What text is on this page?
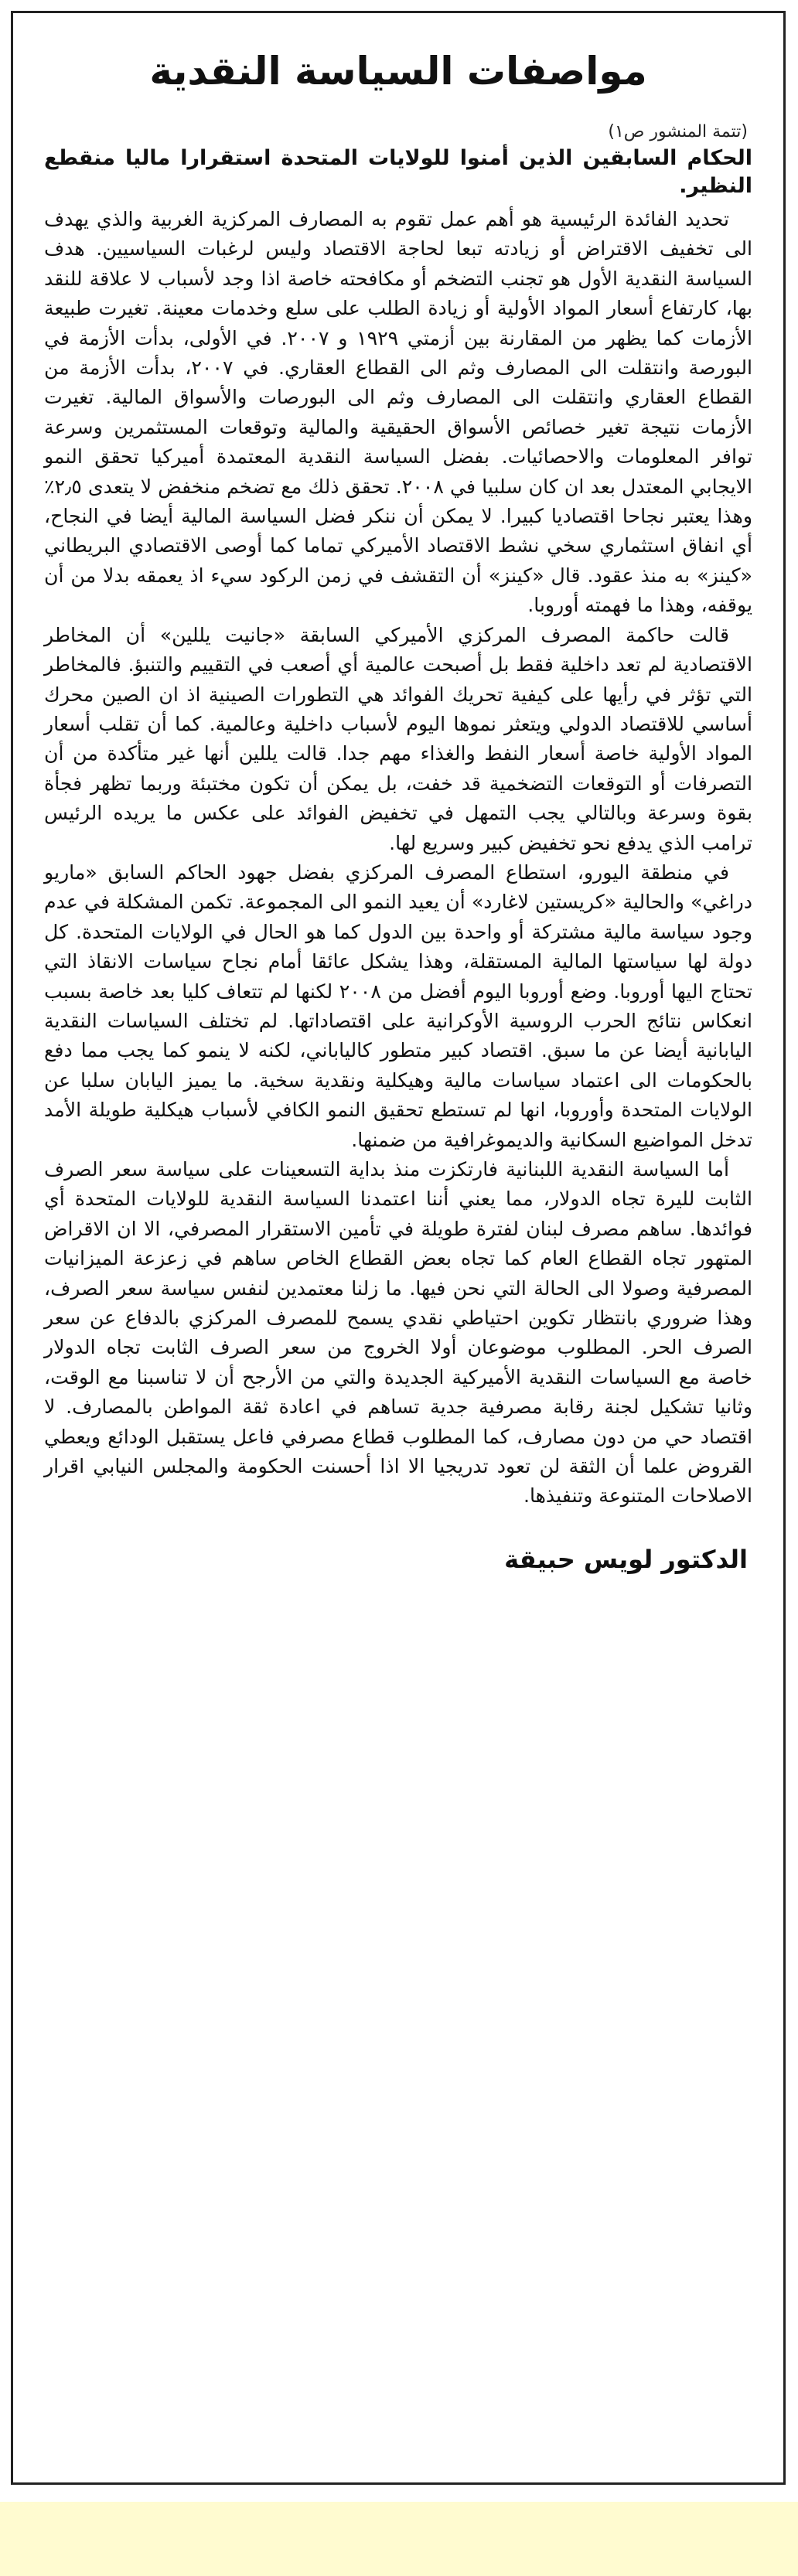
مواصفات السياسة النقدية
(تتمة المنشور ص١)

الحكام السابقين الذين أمنوا للولايات المتحدة استقرارا ماليا منقطع النظير.

تحديد الفائدة الرئيسية هو أهم عمل تقوم به المصارف المركزية الغربية والذي يهدف الى تخفيف الاقتراض أو زيادته تبعا لحاجة الاقتصاد وليس لرغبات السياسيين. هدف السياسة النقدية الأول هو تجنب التضخم أو مكافحته خاصة اذا وجد لأسباب لا علاقة للنقد بها، كارتفاع أسعار المواد الأولية أو زيادة الطلب على سلع وخدمات معينة. تغيرت طبيعة الأزمات كما يظهر من المقارنة بين أزمتي ١٩٢٩ و ٢٠٠٧. في الأولى، بدأت الأزمة في البورصة وانتقلت الى المصارف وثم الى القطاع العقاري. في ٢٠٠٧، بدأت الأزمة من القطاع العقاري وانتقلت الى المصارف وثم الى البورصات والأسواق المالية. تغيرت الأزمات نتيجة تغير خصائص الأسواق الحقيقية والمالية وتوقعات المستثمرين وسرعة توافر المعلومات والاحصائيات. بفضل السياسة النقدية المعتمدة أميركيا تحقق النمو الايجابي المعتدل بعد ان كان سلبيا في ٢٠٠٨. تحقق ذلك مع تضخم منخفض لا يتعدى ٢٫٥٪ وهذا يعتبر نجاحا اقتصاديا كبيرا. لا يمكن أن ننكر فضل السياسة المالية أيضا في النجاح، أي انفاق استثماري سخي نشط الاقتصاد الأميركي تماما كما أوصى الاقتصادي البريطاني «كينز» به منذ عقود. قال «كينز» أن التقشف في زمن الركود سيء اذ يعمقه بدلا من أن يوقفه، وهذا ما فهمته أوروبا.

قالت حاكمة المصرف المركزي الأميركي السابقة «جانيت يللين» أن المخاطر الاقتصادية لم تعد داخلية فقط بل أصبحت عالمية أي أصعب في التقييم والتنبؤ. فالمخاطر التي تؤثر في رأيها على كيفية تحريك الفوائد هي التطورات الصينية اذ ان الصين محرك أساسي للاقتصاد الدولي ويتعثر نموها اليوم لأسباب داخلية وعالمية. كما أن تقلب أسعار المواد الأولية خاصة أسعار النفط والغذاء مهم جدا. قالت يللين أنها غير متأكدة من أن التصرفات أو التوقعات التضخمية قد خفت، بل يمكن أن تكون مختبئة وربما تظهر فجأة بقوة وسرعة وبالتالي يجب التمهل في تخفيض الفوائد على عكس ما يريده الرئيس ترامب الذي يدفع نحو تخفيض كبير وسريع لها.

في منطقة اليورو، استطاع المصرف المركزي بفضل جهود الحاكم السابق «ماريو دراغي» والحالية «كريستين لاغارد» أن يعيد النمو الى المجموعة. تكمن المشكلة في عدم وجود سياسة مالية مشتركة أو واحدة بين الدول كما هو الحال في الولايات المتحدة. كل دولة لها سياستها المالية المستقلة، وهذا يشكل عائقا أمام نجاح سياسات الانقاذ التي تحتاج اليها أوروبا. وضع أوروبا اليوم أفضل من ٢٠٠٨ لكنها لم تتعاف كليا بعد خاصة بسبب انعكاس نتائج الحرب الروسية الأوكرانية على اقتصاداتها. لم تختلف السياسات النقدية اليابانية أيضا عن ما سبق. اقتصاد كبير متطور كالياباني، لكنه لا ينمو كما يجب مما دفع بالحكومات الى اعتماد سياسات مالية وهيكلية ونقدية سخية. ما يميز اليابان سلبا عن الولايات المتحدة وأوروبا، انها لم تستطع تحقيق النمو الكافي لأسباب هيكلية طويلة الأمد تدخل المواضيع السكانية والديموغرافية من ضمنها.

أما السياسة النقدية اللبنانية فارتكزت منذ بداية التسعينات على سياسة سعر الصرف الثابت لليرة تجاه الدولار، مما يعني أننا اعتمدنا السياسة النقدية للولايات المتحدة أي فوائدها. ساهم مصرف لبنان لفترة طويلة في تأمين الاستقرار المصرفي، الا ان الاقراض المتهور تجاه القطاع العام كما تجاه بعض القطاع الخاص ساهم في زعزعة الميزانيات المصرفية وصولا الى الحالة التي نحن فيها. ما زلنا معتمدين لنفس سياسة سعر الصرف، وهذا ضروري بانتظار تكوين احتياطي نقدي يسمح للمصرف المركزي بالدفاع عن سعر الصرف الحر. المطلوب موضوعان أولا الخروج من سعر الصرف الثابت تجاه الدولار خاصة مع السياسات النقدية الأميركية الجديدة والتي من الأرجح أن لا تناسبنا مع الوقت، وثانيا تشكيل لجنة رقابة مصرفية جدية تساهم في اعادة ثقة المواطن بالمصارف. لا اقتصاد حي من دون مصارف، كما المطلوب قطاع مصرفي فاعل يستقبل الودائع ويعطي القروض علما أن الثقة لن تعود تدريجيا الا اذا أحسنت الحكومة والمجلس النيابي اقرار الاصلاحات المتنوعة وتنفيذها.

الدكتور لويس حبيقة
